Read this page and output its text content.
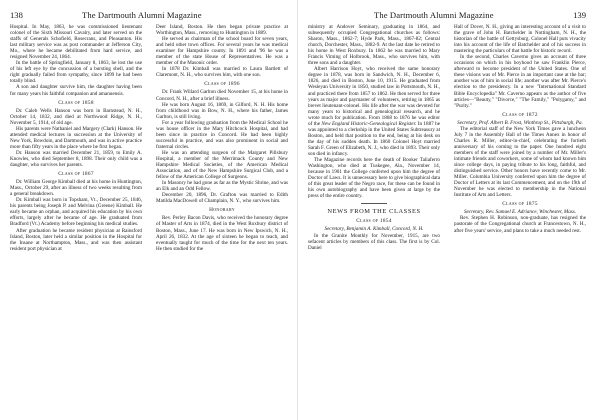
138	The Dartmouth Alumni Magazine

Hospital. In May, 1863, he was commissioned lieutenant colonel of the Sixth Missouri Cavalry, and later served on the staffs of Generals Schofield, Rosecrans, and Pleasanton. His last military service was as post commander at Jefferson City, Mo., where he became debilitated from hard service, and resigned November 24, 1864.

In the battle of Springfield, January 8, 1863, he lost the use of his left eye by the concussion of a bursting shell, and the right gradually failed from sympathy, since 1899 he had been totally blind.

A son and daughter survive him, the daughter having been for many years his faithful companion and amanuensis.

Class of 1858

Dr. Caleb Wells Hanson was born in Barnstead, N. H., October 14, 1832, and died at Northwood Ridge, N. H., November 5, 1914, of old age.

His parents were Nathaniel and Margery (Clark) Hanson. He attended medical lectures in succession at the University of New York, Bowdoin, and Dartmouth, and was in active practice more than fifty years in the place where he first began.

Dr. Hanson was married December 21, 1859, to Emily A. Knowles, who died September 8, 1898. Their only child was a daughter, who survives her parents.

Class of 1867

Dr. William George Kimball died at his home in Huntington, Mass., October 29, after an illness of two weeks resulting from a general breakdown.

Dr. Kimball was born in Topsham, Vt., December 25, 1846, his parents being Joseph P. and Melvina (Greene) Kimball. He early became an orphan, and acquired his education by his own efforts, largely after he became of age. He graduated from Bradford (Vt.) Academy before beginning his medical studies.

After graduation he became resident physician at Rainsford Island, Boston, later held a similar position in the Hospital for the Insane at Northampton, Mass., and was then assistant resident port physician at

Deer Island, Boston. He then began private practice at Worthington, Mass., removing to Huntington in 1889.

He served as chairman of the school board for seven years, and held other town offices. For several years he was medical examiner for Hampshire county. In 1891 and '96 he was a member of the state House of Representatives. He was a member of the Masonic order.

In 1878 Dr. Kimball was married to Laura Bartlett of Claremont, N. H., who survives him, with one son.

Class of 1896

Dr. Frank Willard Garlton died November 15, at his home in Concord, N. H., after a brief illness.

He was born August 16, 1869, in Gilford, N. H. His home from childhood was in Bow, N. H., where his father, James Garlton, is still living.

For a year following graduation from the Medical School he was house officer in the Mary Hitchcock Hospital, and had been since in practice in Concord. He had been highly successful in practice, and was also prominent in social and fraternal circles.

He was an attending surgeon of the Margaret Pillsbury Hospital, a member of the Merrimack County and New Hampshire Medical Societies, of the American Medical Association, and of the New Hampshire Surgical Club, and a fellow of the American College of Surgeons.

In Masonry he had gone as far as the Mystic Shrine, and was an Elk and an Odd Fellow.

December 20, 1896, Dr. Grafton was married to Edith Matilda MacDowell of Champlain, N. Y., who survives him.

Honorary

Rev. Perley Bacon Davis, who received the honorary degree of Master of Arts in 1874, died in the West Roxbury district of Boston, Mass., June 17. He was born in New Ipswich, N. H., April 26, 1832. At the age of sixteen he began to teach, and eventually taught for much of the time for the next ten years. He then studied for the

The Dartmouth Alumni Magazine	139

ministry at Andover Seminary, graduating in 1864, and subsequently occupied Congregational churches as follows: Sharon, Mass., 1862-7; Hyde Park, Mass., 1867-82; Central church, Dorchester, Mass., 1882-9. At the last date he retired to his home in West Roxbury. In 1862 he was married to Mary Francis Viming of Holbrook, Mass., who survives him, with three sons and a daughter.

Albert Harrison Hoyt, who received the same honorary degree in 1878, was born in Sandwich, N. H., December 6, 1826, and died in Boston, June 10, 1915. He graduated from Wesleyan University in 1850, studied law in Portsmouth, N. H., and practiced there from 1857 to 1862. He then served for three years as major and paymaster of volunteers, retiring in 1865 as brevet lieutenant-colonel. His life after the war was devoted for many years to historical and genealogical research, and he wrote much for publication. From 1868 to 1876 he was editor of the New England Historic-Genealogical Register. In 1887 he was appointed to a clerkship in the United States Subtreasury at Boston, and held that position to the end, being at his desk on the day of his sudden death. In 1860 Colonel Hoyt married Sarah F. Green of Elizabeth, N. J., who died in 1893. Their only son died in infancy.

The Magazine records here the death of Booker Taliaferro Washington, who died at Tuskegee, Ala., November 14, because in 1901 the College conferred upon him the degree of Doctor of Laws. It is unnecessary here to give biographical data of this great leader of the Negro race, for these can be found in his own autobiography and have been given at large by the press of the entire country.

NEWS FROM THE CLASSES
Class of 1854

Secretary, Benjamin A. Kimball, Concord, N. H.

In the Granite Monthly for November, 1915, are two sefacent articles by members of this class. The first is by Col. Daniel

Hall of Dover, N. H., giving an interesting account of a visit to the grave of John H. Batchelder in Nottingham, N. H., the historian of the battle of Gettysburg. Colonel Hall puts vivacity into his account of the life of Batchelder and of his success in mastering the particulars of that battle for historic record.

In the second, Charles Caverno gives an account of three occasions on which in his boyhood he saw Franklin Pierce, afterward to become president of the United States. One of these visions was of Mr. Pierce in an important case at the bar; another was of him in social life; another was after Mr. Pierce's election to the presidency. In a new "International Standard Bible Encyclopedia" Mr. Caverno appears as the author of five articles—"Beauty," "Divorce," "The Family," "Polygamy," and "Purity."

Class of 1872

Secretary, Prof. Albert B. Frost, Winthrop St., Pittsburgh, Pa.

The editorial staff of the New York Times gave a luncheon July 7 in the Assembly Hall of the Times Annex in honor of Charles R. Miller, editor-in-chief, celebrating the fortieth anniversary of his coming to the paper. One hundred eight members of the staff were joined by a number of Mr. Miller's intimate friends and coworkers, some of whom had known him since college days, in paying tribute to his long, faithful, and distinguished service. Other honors have recently come to Mr. Miller. Columbia University conferred upon him the degree of Doctor of Letters at its last Commencement, and on the 19th of November he was elected to membership in the National Institute of Arts and Letters.

Class of 1875

Secretary, Rev. Samuel E. Adriance, Winchester, Mass.

Rev. Stephen H. Robinson, non-graduate, has resigned the pastorate of the Congregational church at Francestown, N. H., after five years' service, and plans to take a much needed rest.
